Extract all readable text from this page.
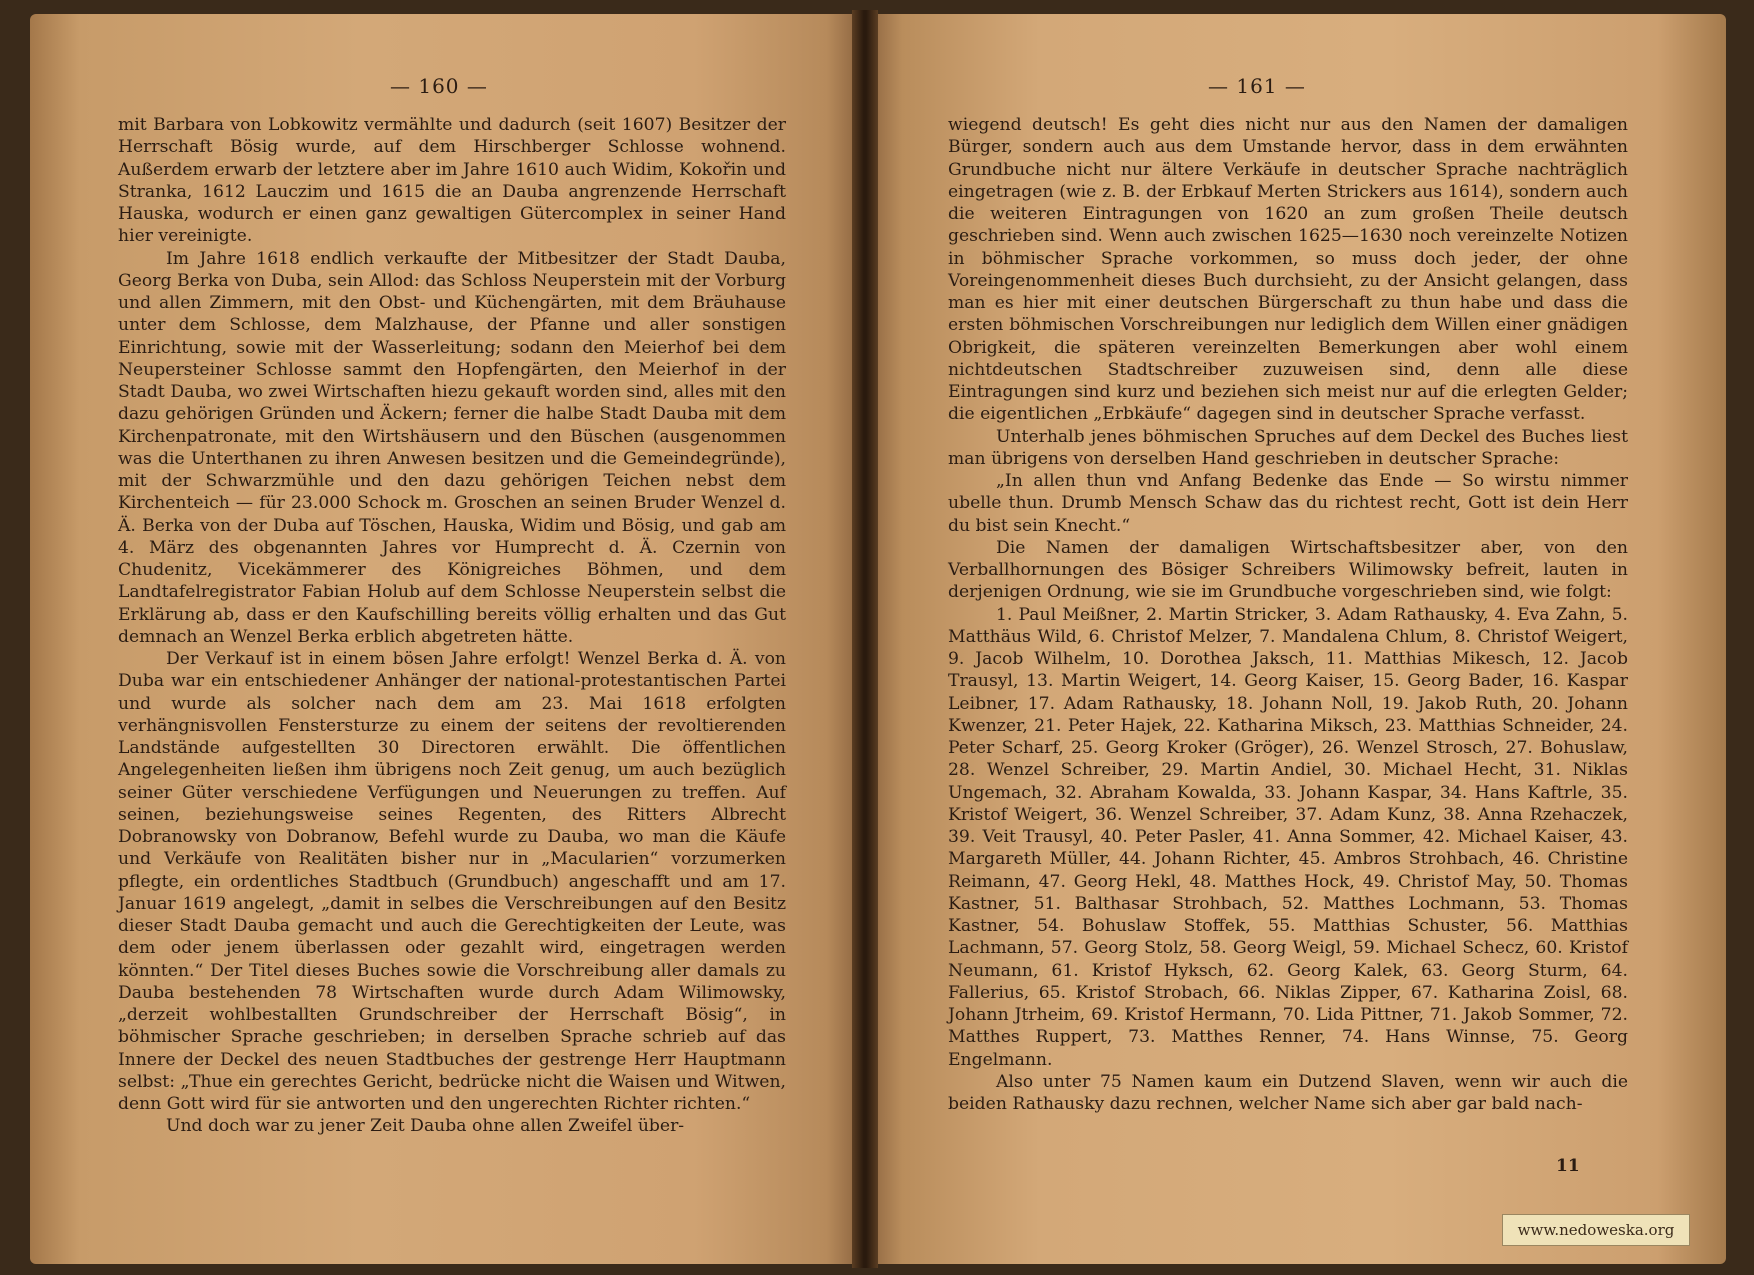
— 160 —

mit Barbara von Lobkowitz vermählte und dadurch (seit 1607) Besitzer der Herrschaft Bösig wurde, auf dem Hirschberger Schlosse wohnend. Außerdem erwarb der letztere aber im Jahre 1610 auch Widim, Kokořin und Stranka, 1612 Lauczim und 1615 die an Dauba angrenzende Herrschaft Hauska, wodurch er einen ganz gewaltigen Gütercomplex in seiner Hand hier vereinigte.

Im Jahre 1618 endlich verkaufte der Mitbesitzer der Stadt Dauba, Georg Berka von Duba, sein Allod: das Schloss Neuperstein mit der Vorburg und allen Zimmern, mit den Obst- und Küchengärten, mit dem Bräuhause unter dem Schlosse, dem Malzhause, der Pfanne und aller sonstigen Einrichtung, sowie mit der Wasserleitung; sodann den Meierhof bei dem Neupersteiner Schlosse sammt den Hopfengärten, den Meierhof in der Stadt Dauba, wo zwei Wirtschaften hiezu gekauft worden sind, alles mit den dazu gehörigen Gründen und Äckern; ferner die halbe Stadt Dauba mit dem Kirchenpatronate, mit den Wirtshäusern und den Büschen (ausgenommen was die Unterthanen zu ihren Anwesen besitzen und die Gemeindegründe), mit der Schwarzmühle und den dazu gehörigen Teichen nebst dem Kirchenteich — für 23.000 Schock m. Groschen an seinen Bruder Wenzel d. Ä. Berka von der Duba auf Töschen, Hauska, Widim und Bösig, und gab am 4. März des obgenannten Jahres vor Humprecht d. Ä. Czernin von Chudenitz, Vicekämmerer des Königreiches Böhmen, und dem Landtafelregistrator Fabian Holub auf dem Schlosse Neuperstein selbst die Erklärung ab, dass er den Kaufschilling bereits völlig erhalten und das Gut demnach an Wenzel Berka erblich abgetreten hätte.

Der Verkauf ist in einem bösen Jahre erfolgt! Wenzel Berka d. Ä. von Duba war ein entschiedener Anhänger der national-protestantischen Partei und wurde als solcher nach dem am 23. Mai 1618 erfolgten verhängnisvollen Fenstersturze zu einem der seitens der revoltierenden Landstände aufgestellten 30 Directoren erwählt. Die öffentlichen Angelegenheiten ließen ihm übrigens noch Zeit genug, um auch bezüglich seiner Güter verschiedene Verfügungen und Neuerungen zu treffen. Auf seinen, beziehungsweise seines Regenten, des Ritters Albrecht Dobranowsky von Dobranow, Befehl wurde zu Dauba, wo man die Käufe und Verkäufe von Realitäten bisher nur in „Macularien“ vorzumerken pflegte, ein ordentliches Stadtbuch (Grundbuch) angeschafft und am 17. Januar 1619 angelegt, „damit in selbes die Verschreibungen auf den Besitz dieser Stadt Dauba gemacht und auch die Gerechtigkeiten der Leute, was dem oder jenem überlassen oder gezahlt wird, eingetragen werden könnten.“ Der Titel dieses Buches sowie die Vorschreibung aller damals zu Dauba bestehenden 78 Wirtschaften wurde durch Adam Wilimowsky, „derzeit wohlbestallten Grundschreiber der Herrschaft Bösig“, in böhmischer Sprache geschrieben; in derselben Sprache schrieb auf das Innere der Deckel des neuen Stadtbuches der gestrenge Herr Hauptmann selbst: „Thue ein gerechtes Gericht, bedrücke nicht die Waisen und Witwen, denn Gott wird für sie antworten und den ungerechten Richter richten.“

Und doch war zu jener Zeit Dauba ohne allen Zweifel über-

— 161 —

wiegend deutsch! Es geht dies nicht nur aus den Namen der damaligen Bürger, sondern auch aus dem Umstande hervor, dass in dem erwähnten Grundbuche nicht nur ältere Verkäufe in deutscher Sprache nachträglich eingetragen (wie z. B. der Erbkauf Merten Strickers aus 1614), sondern auch die weiteren Eintragungen von 1620 an zum großen Theile deutsch geschrieben sind. Wenn auch zwischen 1625—1630 noch vereinzelte Notizen in böhmischer Sprache vorkommen, so muss doch jeder, der ohne Voreingenommenheit dieses Buch durchsieht, zu der Ansicht gelangen, dass man es hier mit einer deutschen Bürgerschaft zu thun habe und dass die ersten böhmischen Vorschreibungen nur lediglich dem Willen einer gnädigen Obrigkeit, die späteren vereinzelten Bemerkungen aber wohl einem nichtdeutschen Stadtschreiber zuzuweisen sind, denn alle diese Eintragungen sind kurz und beziehen sich meist nur auf die erlegten Gelder; die eigentlichen „Erbkäufe“ dagegen sind in deutscher Sprache verfasst.

Unterhalb jenes böhmischen Spruches auf dem Deckel des Buches liest man übrigens von derselben Hand geschrieben in deutscher Sprache:

„In allen thun vnd Anfang Bedenke das Ende — So wirstu nimmer ubelle thun. Drumb Mensch Schaw das du richtest recht, Gott ist dein Herr du bist sein Knecht.“

Die Namen der damaligen Wirtschaftsbesitzer aber, von den Verballhornungen des Bösiger Schreibers Wilimowsky befreit, lauten in derjenigen Ordnung, wie sie im Grundbuche vorgeschrieben sind, wie folgt:

1. Paul Meißner, 2. Martin Stricker, 3. Adam Rathausky, 4. Eva Zahn, 5. Matthäus Wild, 6. Christof Melzer, 7. Mandalena Chlum, 8. Christof Weigert, 9. Jacob Wilhelm, 10. Dorothea Jaksch, 11. Matthias Mikesch, 12. Jacob Trausyl, 13. Martin Weigert, 14. Georg Kaiser, 15. Georg Bader, 16. Kaspar Leibner, 17. Adam Rathausky, 18. Johann Noll, 19. Jakob Ruth, 20. Johann Kwenzer, 21. Peter Hajek, 22. Katharina Miksch, 23. Matthias Schneider, 24. Peter Scharf, 25. Georg Kroker (Gröger), 26. Wenzel Strosch, 27. Bohuslaw, 28. Wenzel Schreiber, 29. Martin Andiel, 30. Michael Hecht, 31. Niklas Ungemach, 32. Abraham Kowalda, 33. Johann Kaspar, 34. Hans Kaftrle, 35. Kristof Weigert, 36. Wenzel Schreiber, 37. Adam Kunz, 38. Anna Rzehaczek, 39. Veit Trausyl, 40. Peter Pasler, 41. Anna Sommer, 42. Michael Kaiser, 43. Margareth Müller, 44. Johann Richter, 45. Ambros Strohbach, 46. Christine Reimann, 47. Georg Hekl, 48. Matthes Hock, 49. Christof May, 50. Thomas Kastner, 51. Balthasar Strohbach, 52. Matthes Lochmann, 53. Thomas Kastner, 54. Bohuslaw Stoffek, 55. Matthias Schuster, 56. Matthias Lachmann, 57. Georg Stolz, 58. Georg Weigl, 59. Michael Schecz, 60. Kristof Neumann, 61. Kristof Hyksch, 62. Georg Kalek, 63. Georg Sturm, 64. Fallerius, 65. Kristof Strobach, 66. Niklas Zipper, 67. Katharina Zoisl, 68. Johann Jtrheim, 69. Kristof Hermann, 70. Lida Pittner, 71. Jakob Sommer, 72. Matthes Ruppert, 73. Matthes Renner, 74. Hans Winnse, 75. Georg Engelmann.

Also unter 75 Namen kaum ein Dutzend Slaven, wenn wir auch die beiden Rathausky dazu rechnen, welcher Name sich aber gar bald nach-

11
www.nedoweska.org
